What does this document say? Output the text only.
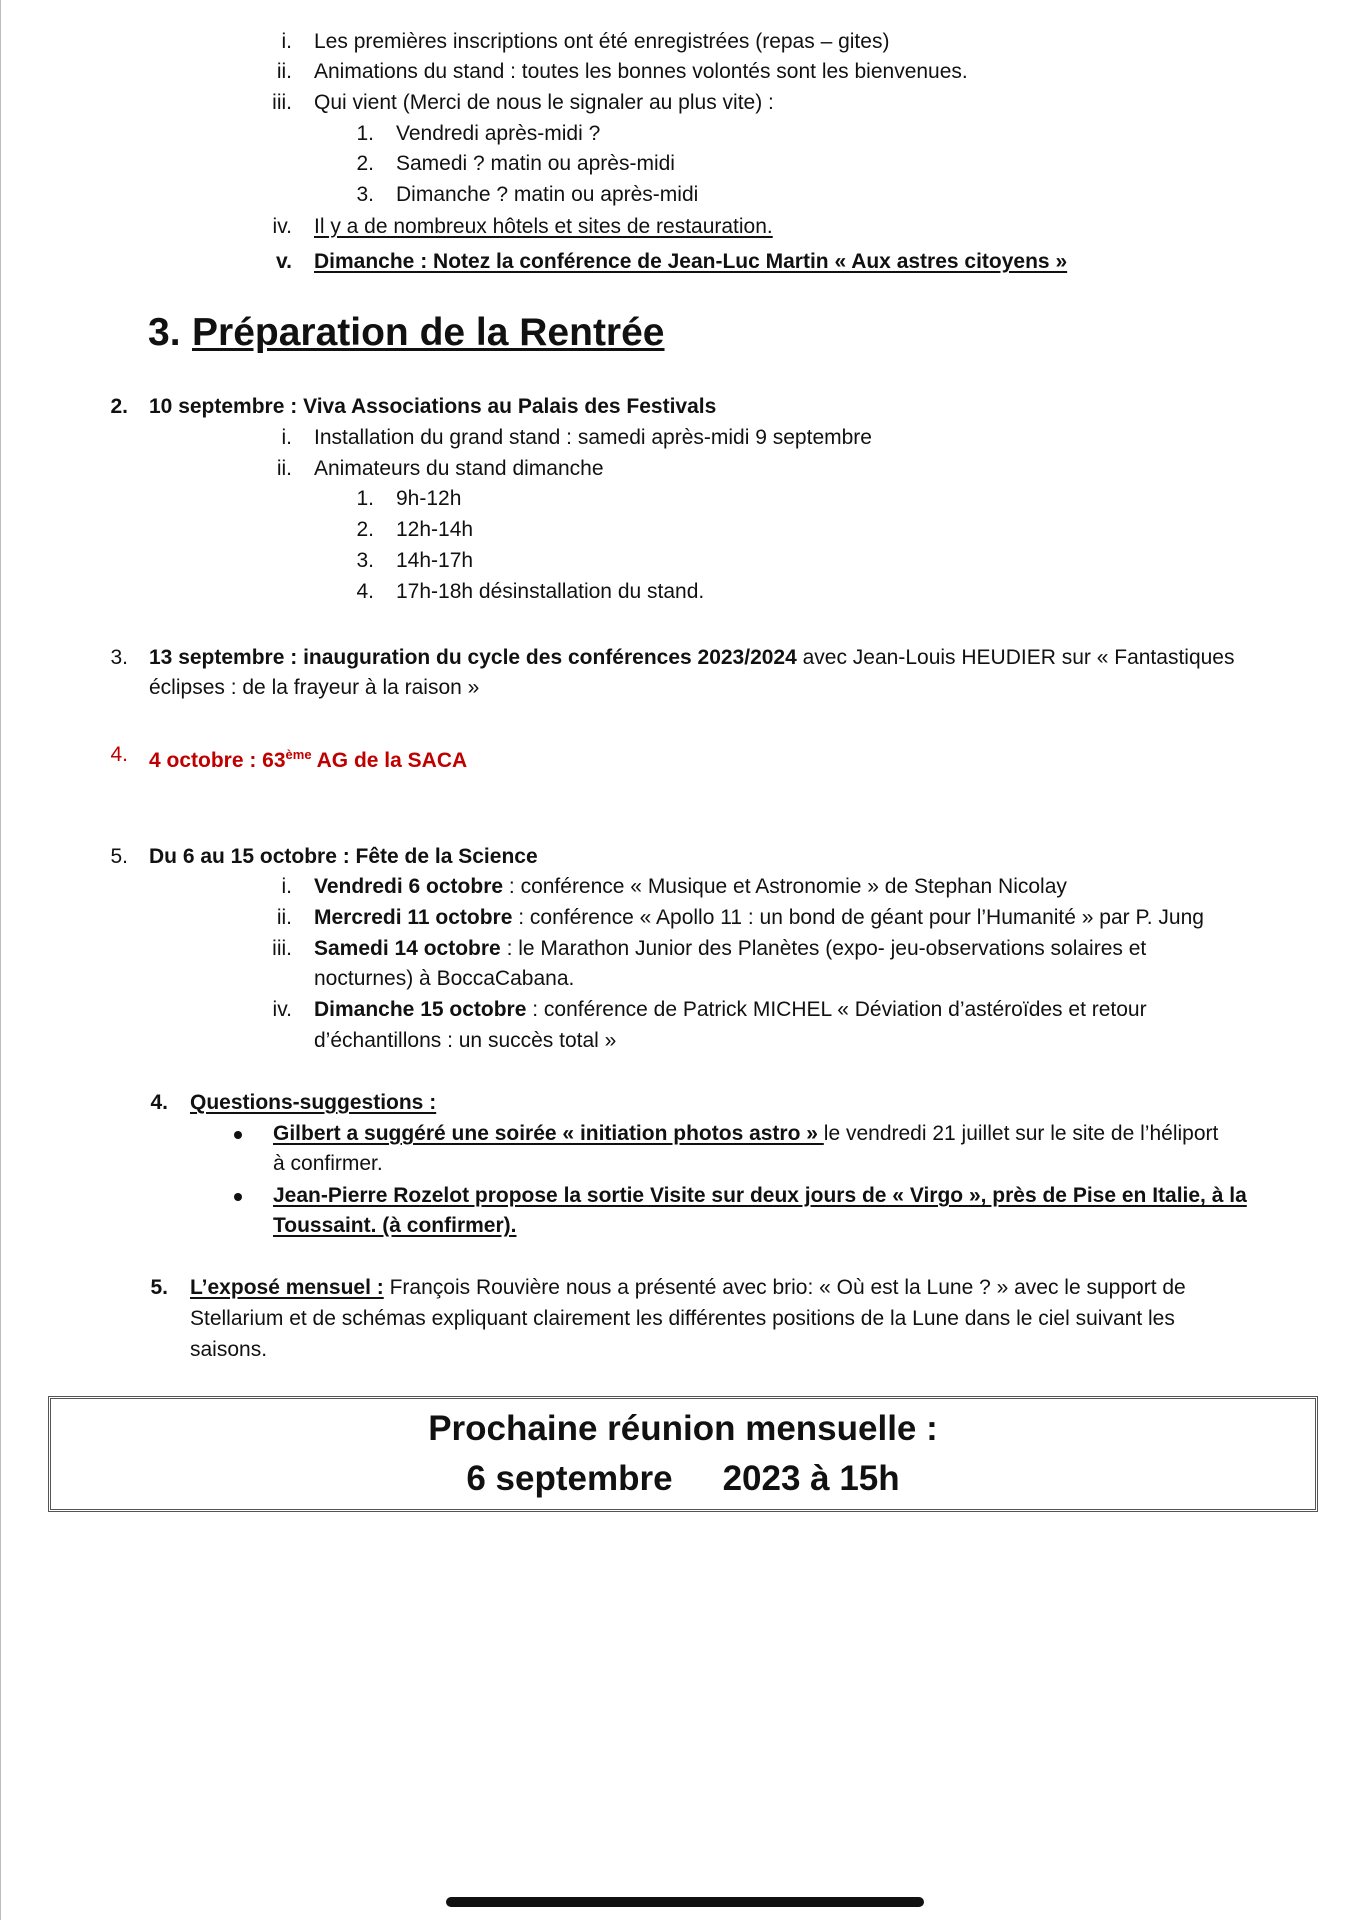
i. Les premières inscriptions ont été enregistrées (repas – gites)
ii. Animations du stand : toutes les bonnes volontés sont les bienvenues.
iii. Qui vient (Merci de nous le signaler au plus vite) :
1. Vendredi après-midi ?
2. Samedi ? matin ou après-midi
3. Dimanche ? matin ou après-midi
iv. Il y a de nombreux hôtels et sites de restauration.
v. Dimanche : Notez la conférence de Jean-Luc Martin « Aux astres citoyens »
3. Préparation de la Rentrée
2. 10 septembre : Viva Associations au Palais des Festivals
i. Installation du grand stand : samedi après-midi 9 septembre
ii. Animateurs du stand dimanche
1. 9h-12h
2. 12h-14h
3. 14h-17h
4. 17h-18h désinstallation du stand.
3. 13 septembre : inauguration du cycle des conférences 2023/2024 avec Jean-Louis HEUDIER sur « Fantastiques
éclipses : de la frayeur à la raison »
4. 4 octobre : 63ème AG de la SACA
5. Du 6 au 15 octobre : Fête de la Science
i. Vendredi 6 octobre : conférence « Musique et Astronomie » de Stephan Nicolay
ii. Mercredi 11 octobre : conférence « Apollo 11 : un bond de géant pour l’Humanité » par P. Jung
iii. Samedi 14 octobre : le Marathon Junior des Planètes (expo- jeu-observations solaires et
nocturnes) à BoccaCabana.
iv. Dimanche 15 octobre : conférence de Patrick MICHEL « Déviation d’astéroïdes et retour
d’échantillons : un succès total »
4. Questions-suggestions :
Gilbert a suggéré une soirée « initiation photos astro » le vendredi 21 juillet sur le site de l’héliport
à confirmer.
Jean-Pierre Rozelot propose la sortie Visite sur deux jours de « Virgo », près de Pise en Italie, à la
Toussaint. (à confirmer).
5. L’exposé mensuel : François Rouvière nous a présenté avec brio: « Où est la Lune ? » avec le support de
Stellarium et de schémas expliquant clairement les différentes positions de la Lune dans le ciel suivant les
saisons.
Prochaine réunion mensuelle :
6 septembre 2023 à 15h
